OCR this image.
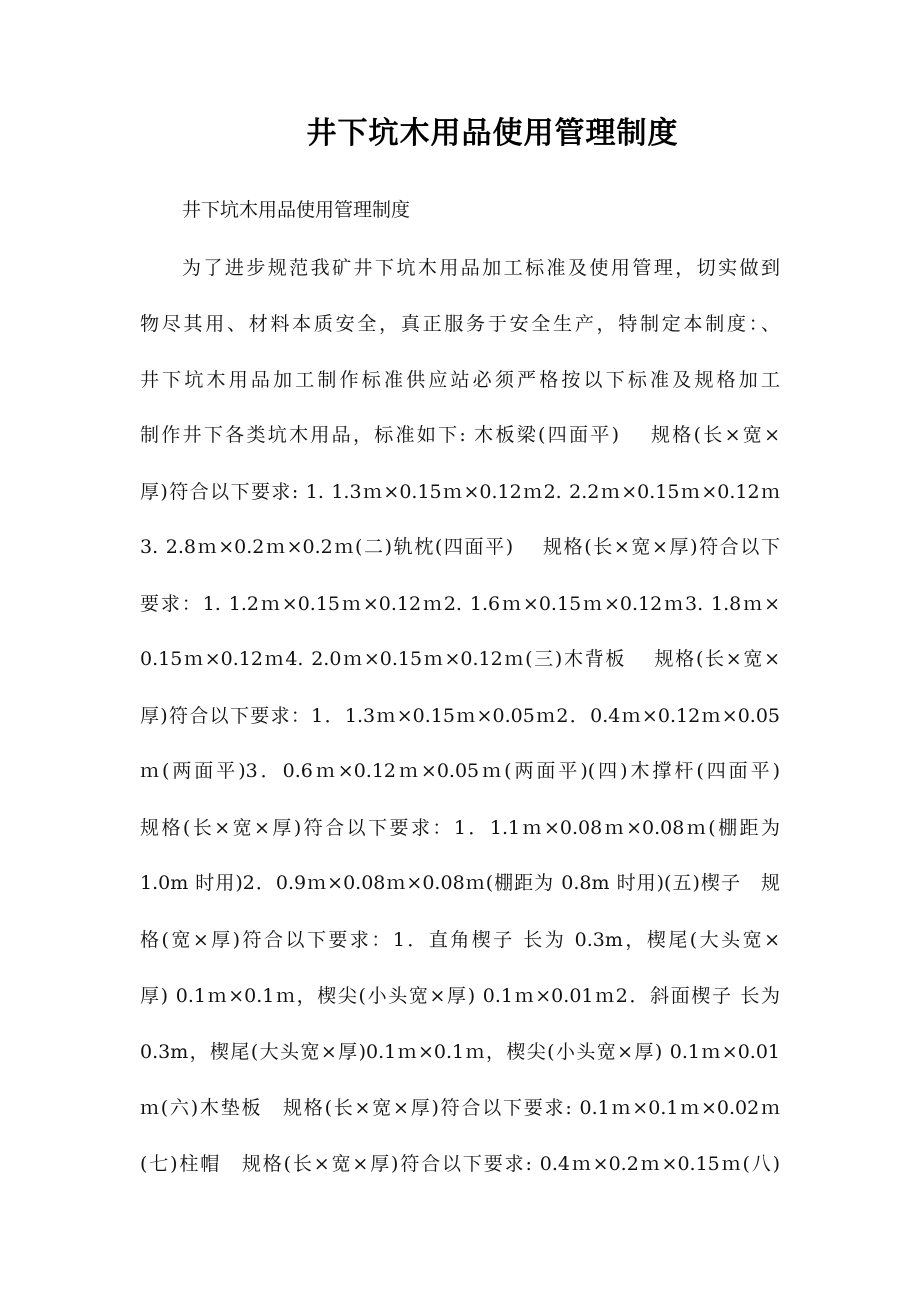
井下坑木用品使用管理制度

井下坑木用品使用管理制度

为了进步规范我矿井下坑木用品加工标准及使用管理，切实做到

物尽其用、材料本质安全，真正服务于安全生产，特制定本制度：、

井下坑木用品加工制作标准供应站必须严格按以下标准及规格加工

制作井下各类坑木用品，标准如下: 木板梁(四面平)　 规格(长×宽×

厚)符合以下要求: 1. 1.3ｍ×0.15ｍ×0.12ｍ2. 2.2ｍ×0.15ｍ×0.12ｍ

3. 2.8ｍ×0.2ｍ×0.2ｍ(二)轨枕(四面平)　 规格(长×宽×厚)符合以下

要求：1. 1.2ｍ×0.15ｍ×0.12ｍ2. 1.6ｍ×0.15ｍ×0.12ｍ3. 1.8ｍ×

0.15ｍ×0.12ｍ4. 2.0ｍ×0.15ｍ×0.12ｍ(三)木背板　 规格(长×宽×

厚)符合以下要求：1．1.3ｍ×0.15ｍ×0.05ｍ2．0.4ｍ×0.12ｍ×0.05

ｍ(两面平)3．0.6ｍ×0.12ｍ×0.05ｍ(两面平)(四)木撑杆(四面平)

规格(长×宽×厚)符合以下要求：1．1.1ｍ×0.08ｍ×0.08ｍ(棚距为

1.0m 时用)2．0.9ｍ×0.08ｍ×0.08ｍ(棚距为 0.8m 时用)(五)楔子　规

格(宽×厚)符合以下要求：1．直角楔子 长为 0.3m，楔尾(大头宽×

厚) 0.1ｍ×0.1ｍ，楔尖(小头宽×厚) 0.1ｍ×0.01ｍ2．斜面楔子 长为

0.3m，楔尾(大头宽×厚)0.1ｍ×0.1ｍ，楔尖(小头宽×厚) 0.1ｍ×0.01

ｍ(六)木垫板　规格(长×宽×厚)符合以下要求: 0.1ｍ×0.1ｍ×0.02ｍ

(七)柱帽　规格(长×宽×厚)符合以下要求: 0.4ｍ×0.2ｍ×0.15ｍ(八)
